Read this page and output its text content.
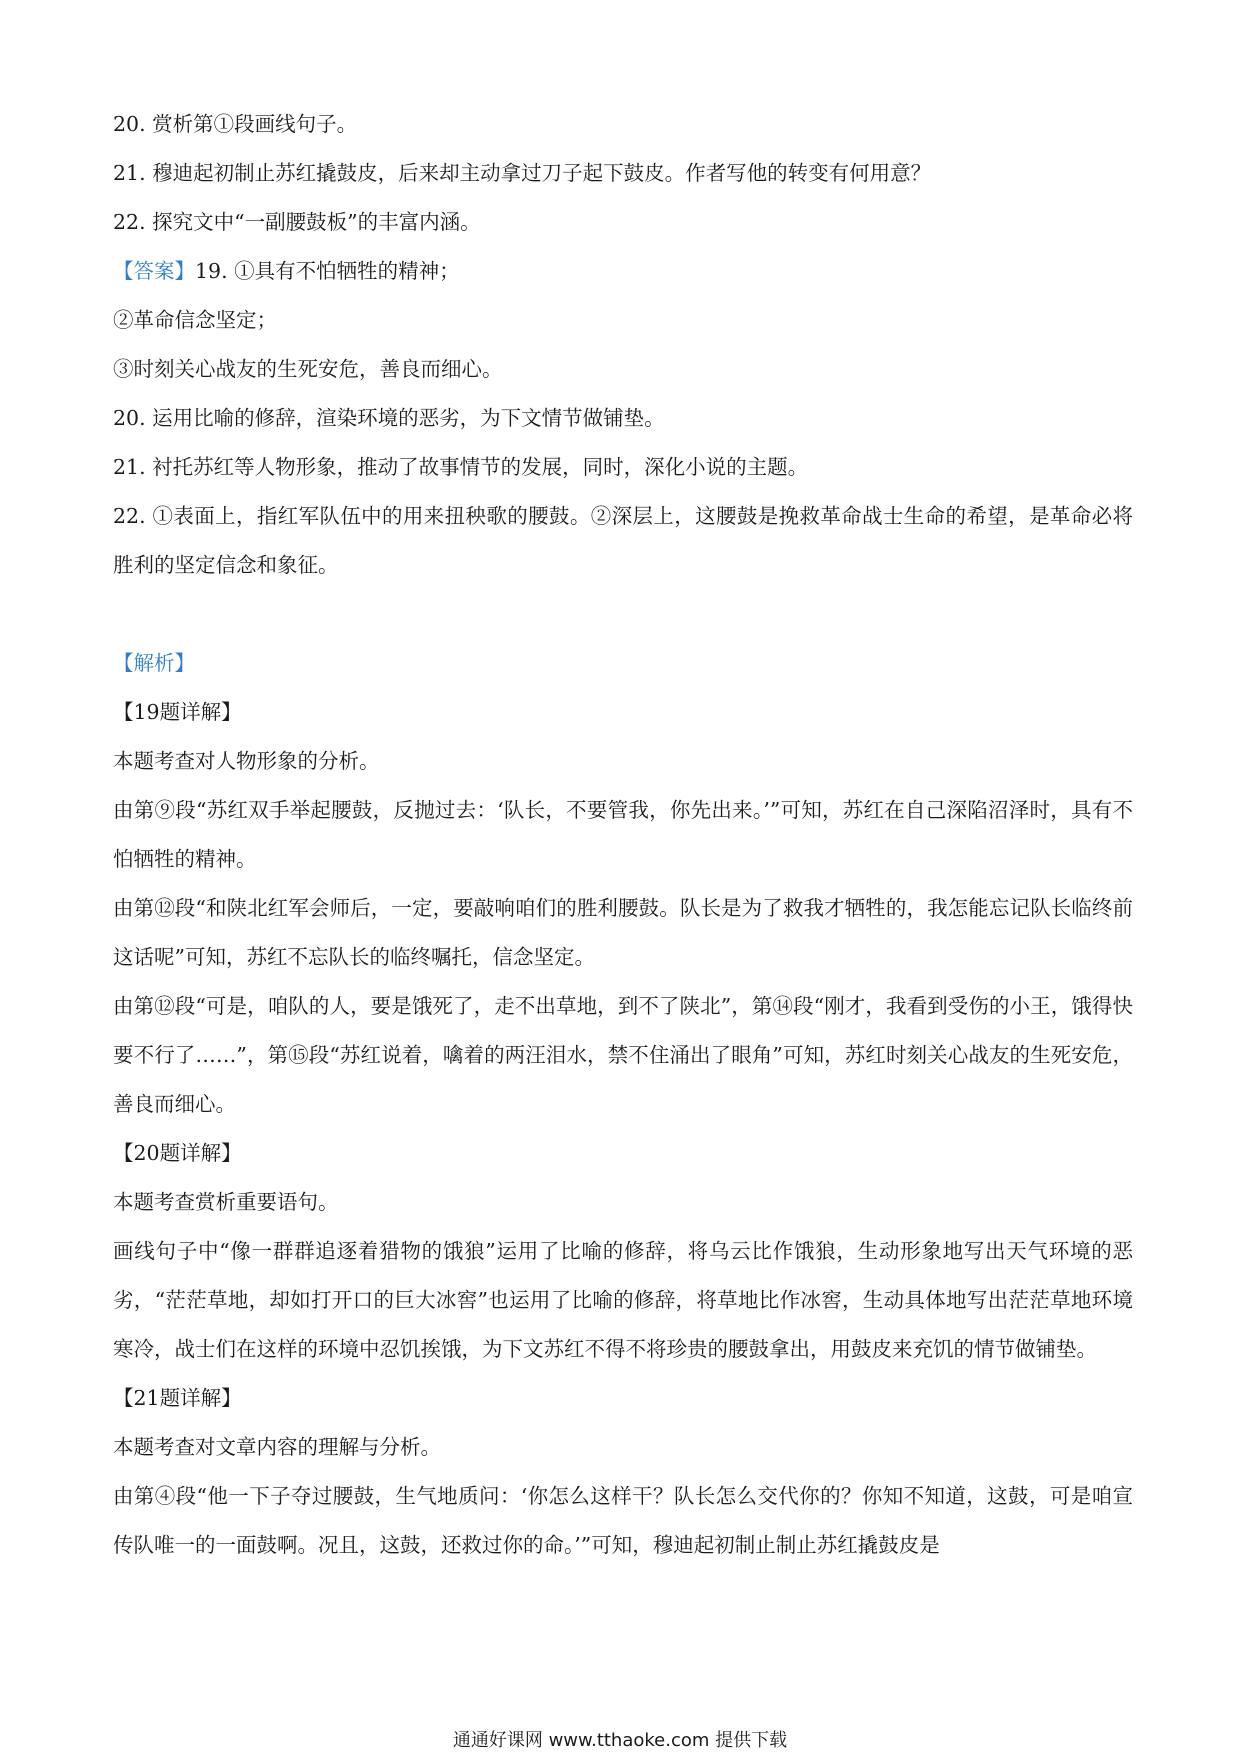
20. 赏析第①段画线句子。
21. 穆迪起初制止苏红撬鼓皮，后来却主动拿过刀子起下鼓皮。作者写他的转变有何用意？
22. 探究文中“一副腰鼓板”的丰富内涵。
【答案】19. ①具有不怕牺牲的精神；
②革命信念坚定；
③时刻关心战友的生死安危，善良而细心。
20. 运用比喻的修辞，渲染环境的恶劣，为下文情节做铺垫。
21. 衬托苏红等人物形象，推动了故事情节的发展，同时，深化小说的主题。
22. ①表面上，指红军队伍中的用来扭秧歌的腰鼓。②深层上，这腰鼓是挽救革命战士生命的希望，是革命必将胜利的坚定信念和象征。
【解析】
【19题详解】
本题考查对人物形象的分析。
由第⑨段“苏红双手举起腰鼓，反抛过去：‘队长，不要管我，你先出来。’”可知，苏红在自己深陷沼泽时，具有不怕牺牲的精神。
由第⑫段“和陕北红军会师后，一定，要敲响咱们的胜利腰鼓。队长是为了救我才牺牲的，我怎能忘记队长临终前这话呢”可知，苏红不忘队长的临终嘱托，信念坚定。
由第⑫段“可是，咱队的人，要是饿死了，走不出草地，到不了陕北”，第⑭段“刚才，我看到受伤的小王，饿得快要不行了……”，第⑮段“苏红说着，噙着的两汪泪水，禁不住涌出了眼角”可知，苏红时刻关心战友的生死安危，善良而细心。
【20题详解】
本题考查赏析重要语句。
画线句子中“像一群群追逐着猎物的饿狼”运用了比喻的修辞，将乌云比作饿狼，生动形象地写出天气环境的恶劣，“茫茫草地，却如打开口的巨大冰窖”也运用了比喻的修辞，将草地比作冰窖，生动具体地写出茫茫草地环境寒冷，战士们在这样的环境中忍饥挨饿，为下文苏红不得不将珍贵的腰鼓拿出，用鼓皮来充饥的情节做铺垫。
【21题详解】
本题考查对文章内容的理解与分析。
由第④段“他一下子夺过腰鼓，生气地质问：‘你怎么这样干？队长怎么交代你的？你知不知道，这鼓，可是咱宣传队唯一的一面鼓啊。况且，这鼓，还救过你的命。’”可知，穆迪起初制止制止苏红撬鼓皮是
通通好课网 www.tthaoke.com 提供下载
